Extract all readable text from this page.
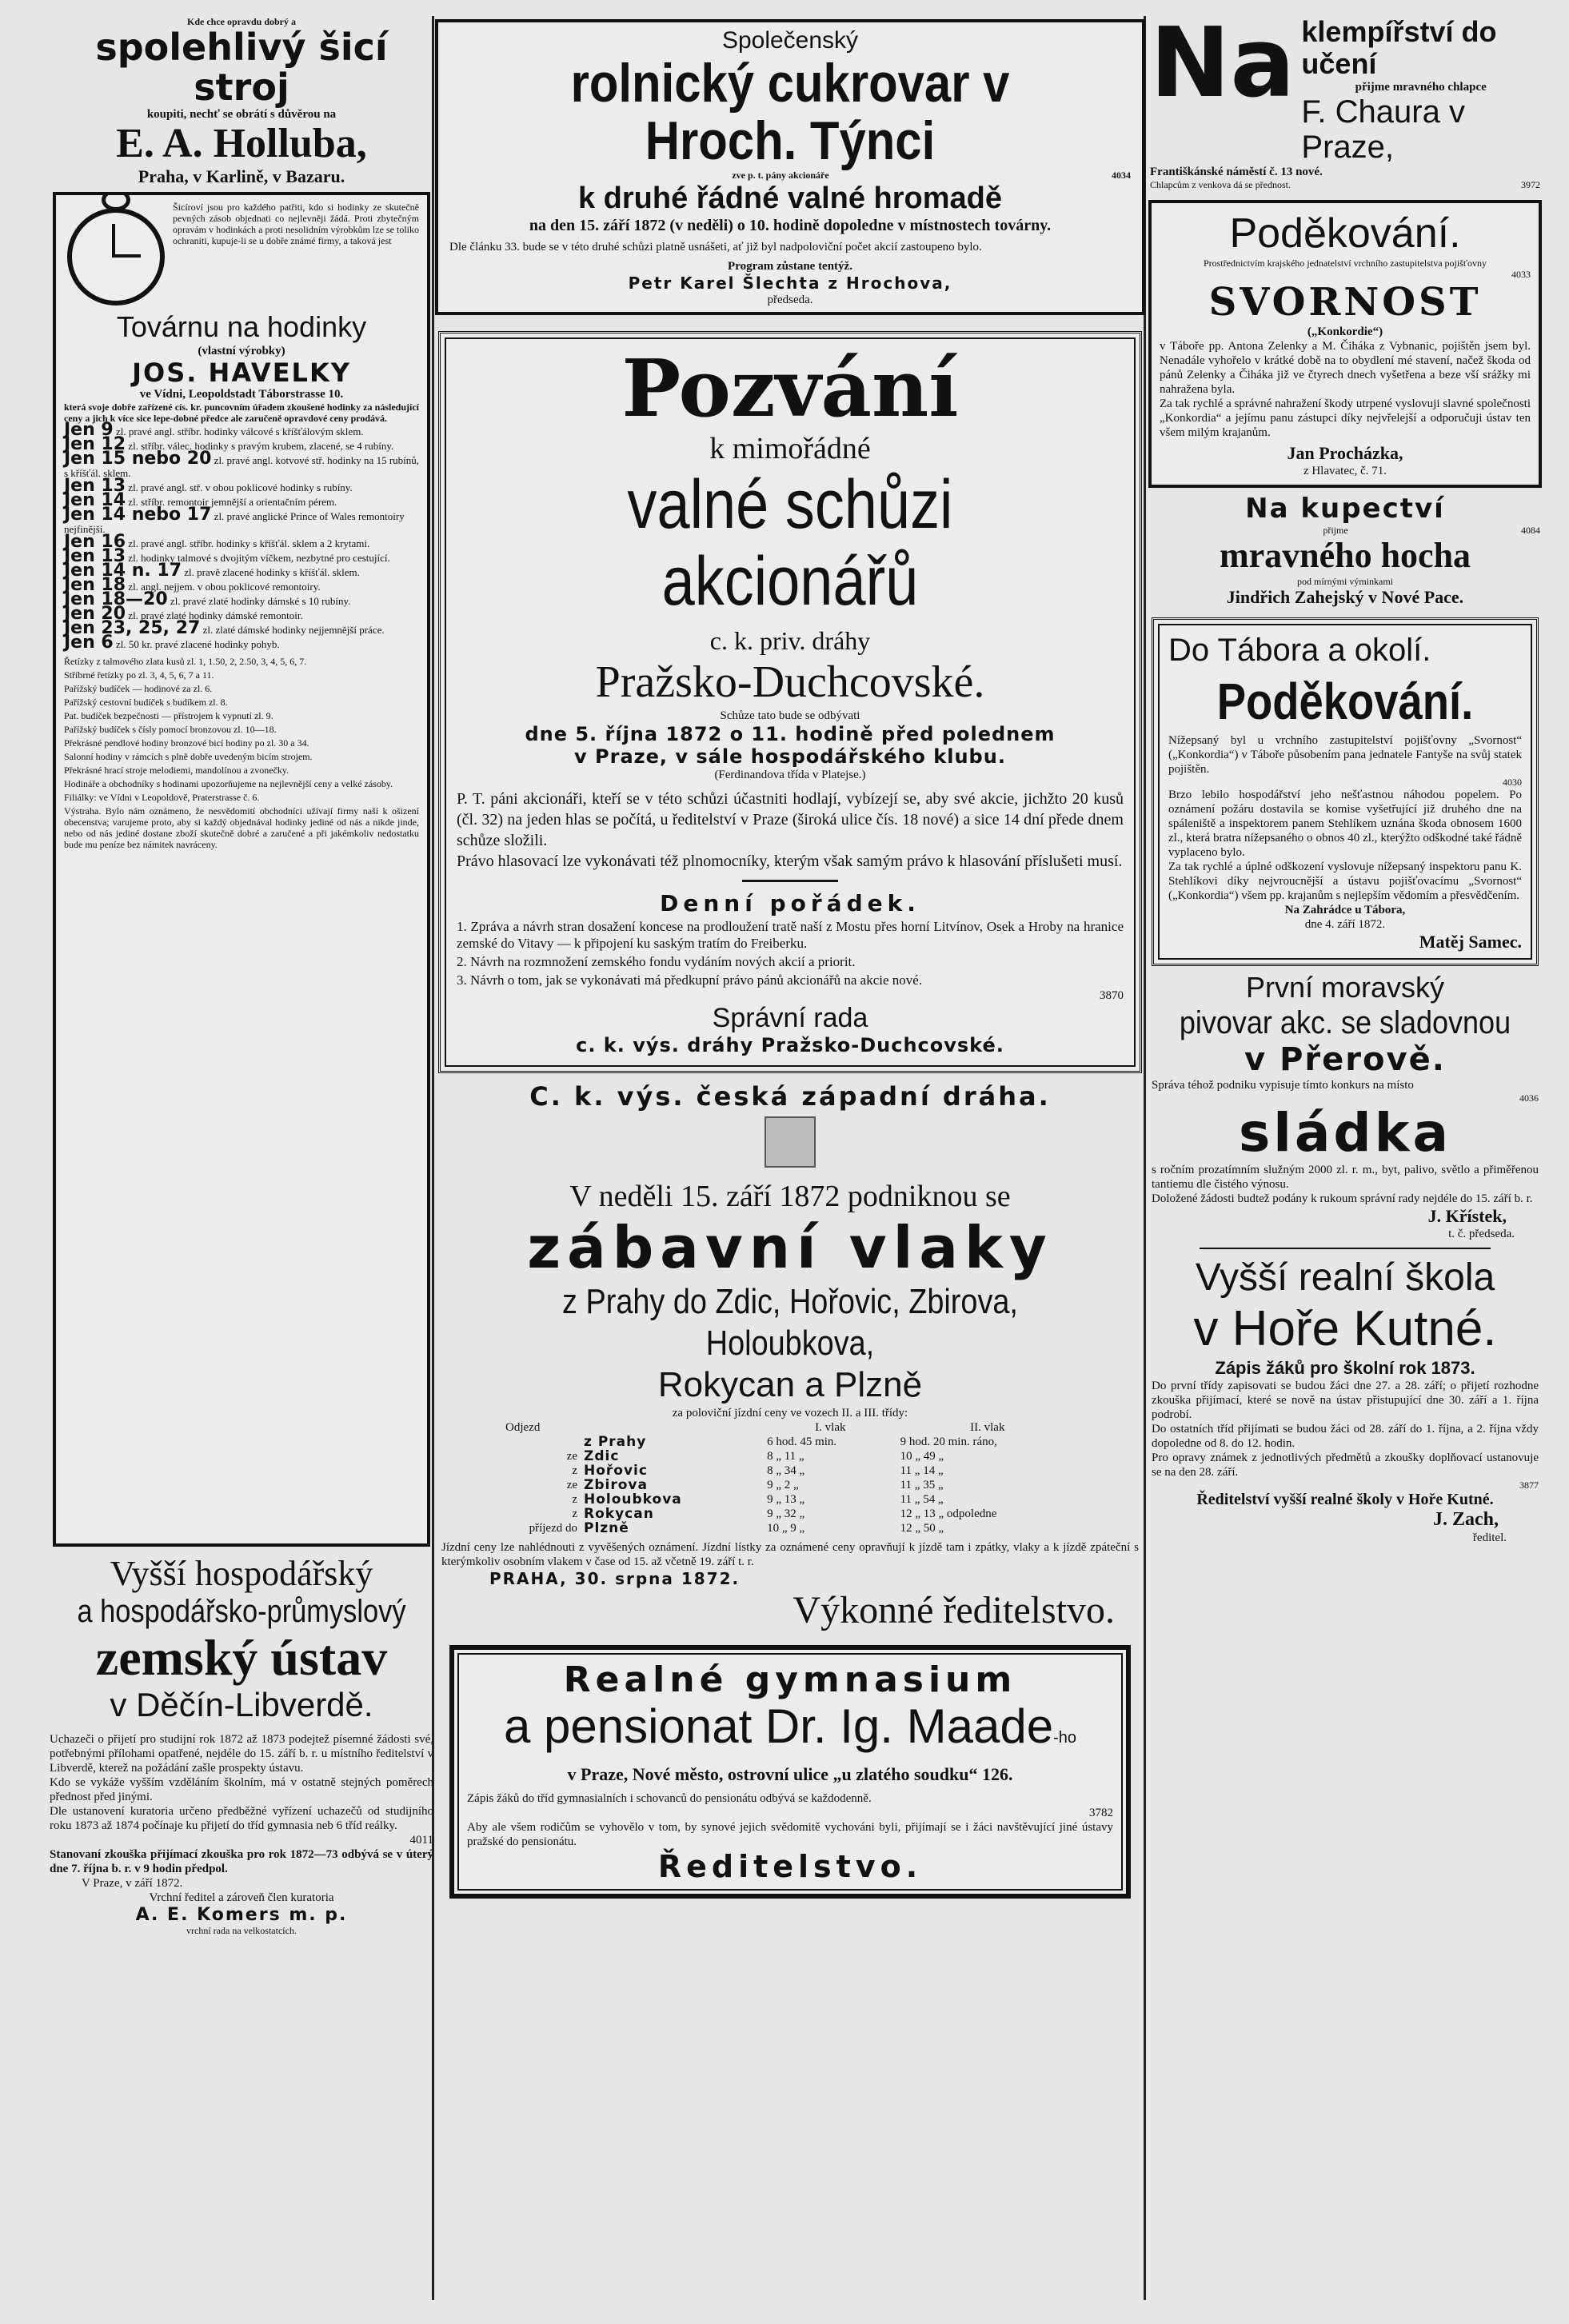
Kde chce opravdu dobrý a
spolehlivý šicí stroj
koupiti, nechť se obrátí s důvěrou na
E. A. Holluba,
Praha, v Karlině, v Bazaru.
Šicíroví jsou pro každého patřiti, kdo si hodinky ze skutečně pevných zásob objednati co nejlevněji žádá. Proti zbytečným opravám v hodinkách a proti nesolidním výrobkům lze se toliko ochraniti, kupuje-li se u dobře známé firmy, a taková jest
Továrnu na hodinky
(vlastní výrobky)
JOS. HAVELKY
ve Vídni, Leopoldstadt Táborstrasse 10.
která svoje dobře zařízené cís. kr. puncovním úřadem zkoušené hodinky za následující ceny a jich k více sice lepe-dobné předce ale zaručeně opravdové ceny prodává.
Jen 9 zl. pravé angl. stříbr. hodinky válcové s kříšťálovým sklem.
Jen 12 zl. stříbr. válec. hodinky s pravým krubem, zlacené, se 4 rubíny.
Jen 15 nebo 20 zl. pravé angl. kotvové stř. hodinky na 15 rubínů, s kříšťál. sklem.
Jen 13 zl. pravé angl. stř. v obou poklicové hodinky s rubíny.
Jen 14 zl. stříbr. remontoir jemnější a orientačním pérem.
Jen 14 nebo 17 zl. pravé anglické Prince of Wales remontoiry nejfinější.
Jen 16 zl. pravé angl. stříbr. hodinky s kříšťál. sklem a 2 krytami.
Jen 13 zl. hodinky talmové s dvojitým víčkem, nezbytné pro cestující.
Jen 14 n. 17 zl. pravě zlacené hodinky s kříšťál. sklem.
Jen 18 zl. angl. nejjem. v obou poklicové remontoiry.
Jen 18—20 zl. pravé zlaté hodinky dámské s 10 rubíny.
Jen 20 zl. pravé zlaté hodinky dámské remontoir.
Jen 23, 25, 27 zl. zlaté dámské hodinky nejjemnější práce.
Jen 6 zl. 50 kr. pravé zlacené hodinky pohyb.
Řetízky z talmového zlata kusů zl. 1, 1.50, 2, 2.50, 3, 4, 5, 6, 7.
Stříbrné řetízky po zl. 3, 4, 5, 6, 7 a 11.
Pařížský budíček — hodinové za zl. 6.
Pařížský cestovní budíček s budíkem zl. 8.
Pat. budíček bezpečnosti — přístrojem k vypnutí zl. 9.
Pařížský budíček s čísly pomocí bronzovou zl. 10—18.
Překrásné pendlové hodiny bronzové bicí hodiny po zl. 30 a 34.
Salonní hodiny v rámcích s plně dobře uvedeným bicím strojem.
Překrásné hrací stroje melodiemi, mandolínou a zvonečky.
Hodináře a obchodníky s hodinami upozorňujeme na nejlevnější ceny a velké zásoby.
Filiálky: ve Vídni v Leopoldově, Praterstrasse č. 6.
Výstraha. Bylo nám oznámeno, že nesvědomití obchodníci užívají firmy naší k ošizení obecenstva; varujeme proto, aby si každý objednával hodinky jediné od nás a nikde jinde, nebo od nás jediné dostane zboží skutečně dobré a zaručené a při jakémkoliv nedostatku bude mu peníze bez námitek navráceny.
Vyšší hospodářský
a hospodářsko-průmyslový
zemský ústav
v Děčín-Libverdě.
Uchazeči o přijetí pro studijní rok 1872 až 1873 podejtež písemné žádosti své, potřebnými přílohami opatřené, nejdéle do 15. září b. r. u místního ředitelství v Libverdě, kterež na požádání zašle prospekty ústavu.
Kdo se vykáže vyšším vzděláním školním, má v ostatně stejných poměrech přednost před jinými.
Dle ustanovení kuratoria určeno předběžné vyřízení uchazečů od studijního roku 1873 až 1874 počínaje ku přijetí do tříd gymnasia neb 6 tříd reálky.
4011
Stanovaní zkouška přijímací zkouška pro rok 1872—73 odbývá se v úterý dne 7. října b. r. v 9 hodin předpol.
V Praze, v září 1872.
Vrchní ředitel a zároveň člen kuratoria
A. E. Komers m. p.
vrchní rada na velkostatcích.
Společenský
rolnický cukrovar v Hroch. Týnci
zve p. t. pány akcionáře	4034
k druhé řádné valné hromadě
na den 15. září 1872 (v neděli) o 10. hodině dopoledne v místnostech továrny.
Dle článku 33. bude se v této druhé schůzi platně usnášeti, ať již byl nadpoloviční počet akcií zastoupeno bylo.
Program zůstane tentýž.
Petr Karel Šlechta z Hrochova,
předseda.
Pozvání
k mimořádné
valné schůzi akcionářů
c. k. priv. dráhy
Pražsko-Duchcovské.
Schůze tato bude se odbývati
dne 5. října 1872 o 11. hodině před polednem
v Praze, v sále hospodářského klubu.
(Ferdinandova třída v Platejse.)
P. T. páni akcionáři, kteří se v této schůzi účastniti hodlají, vybízejí se, aby své akcie, jichžto 20 kusů (čl. 32) na jeden hlas se počítá, u ředitelství v Praze (široká ulice čís. 18 nové) a sice 14 dní přede dnem schůze složili.
Právo hlasovací lze vykonávati též plnomocníky, kterým však samým právo k hlasování příslušeti musí.
Denní pořádek.
1. Zpráva a návrh stran dosažení koncese na prodloužení tratě naší z Mostu přes horní Litvínov, Osek a Hroby na hranice zemské do Vitavy — k připojení ku saským tratím do Freiberku.
2. Návrh na rozmnožení zemského fondu vydáním nových akcií a priorit.
3. Návrh o tom, jak se vykonávati má předkupní právo pánů akcionářů na akcie nové.
3870
Správní rada
c. k. výs. dráhy Pražsko-Duchcovské.
C. k. výs. česká západní dráha.
V neděli 15. září 1872 podniknou se
zábavní vlaky
z Prahy do Zdic, Hořovic, Zbirova, Holoubkova,
Rokycan a Plzně
za poloviční jízdní ceny ve vozech II. a III. třídy:
Odjezd		I. vlak	II. vlak
	z Prahy	6 hod. 45 min.	9 hod. 20 min. ráno,
ze	Zdic	8 „ 11 „	10 „ 49 „
z	Hořovic	8 „ 34 „	11 „ 14 „
ze	Zbirova	9 „ 2 „	11 „ 35 „
z	Holoubkova	9 „ 13 „	11 „ 54 „
z	Rokycan	9 „ 32 „	12 „ 13 „ odpoledne
příjezd do	Plzně	10 „ 9 „	12 „ 50 „
Jízdní ceny lze nahlédnouti z vyvěšených oznámení. Jízdní lístky za oznámené ceny opravňují k jízdě tam i zpátky, vlaky a k jízdě zpáteční s kterýmkoliv osobním vlakem v čase od 15. až včetně 19. září t. r.
PRAHA, 30. srpna 1872.
Výkonné ředitelstvo.
Realné gymnasium
a pensionat Dr. Ig. Maade-ho
v Praze, Nové město, ostrovní ulice „u zlatého soudku“ 126.
Zápis žáků do tříd gymnasialních i schovanců do pensionátu odbývá se každodenně.
3782
Aby ale všem rodičům se vyhovělo v tom, by synové jejich svědomitě vychováni byli, přijímají se i žáci navštěvující jiné ústavy pražské do pensionátu.
Ředitelstvo.
Na klempířství do učení
přijme mravného chlapce
F. Chaura v Praze,
Františkánské náměstí č. 13 nové.
Chlapcům z venkova dá se přednost.	3972
Poděkování.
Prostřednictvím krajského jednatelství vrchního zastupitelstva pojišťovny
4033
SVORNOST
(„Konkordie“)
v Táboře pp. Antona Zelenky a M. Čiháka z Vybnanic, pojištěn jsem byl. Nenadále vyhořelo v krátké době na to obydlení mé stavení, načež škoda od pánů Zelenky a Čiháka již ve čtyrech dnech vyšetřena a beze vší srážky mi nahražena byla.
Za tak rychlé a správné nahražení škody utrpené vyslovuji slavné společnosti „Konkordia“ a jejímu panu zástupci díky nejvřelejší a odporučuji ústav ten všem milým krajanům.
Jan Procházka,
z Hlavatec, č. 71.
Na kupectví
přijme	4084
mravného hocha
pod mírnými výminkami
Jindřich Zahejský v Nové Pace.
Do Tábora a okolí.
Poděkování.
Nížepsaný byl u vrchního zastupitelství pojišťovny „Svornost“ („Konkordia“) v Táboře působením pana jednatele Fantyše na svůj statek pojištěn.
4030
Brzo lebilo hospodářství jeho nešťastnou náhodou popelem. Po oznámení požáru dostavila se komise vyšetřující již druhého dne na spáleniště a inspektorem panem Stehlíkem uznána škoda obnosem 1600 zl., která bratra nížepsaného o obnos 40 zl., kterýžto odškodné také řádně vyplaceno bylo.
Za tak rychlé a úplné odškození vyslovuje nížepsaný inspektoru panu K. Stehlíkovi díky nejvroucnější a ústavu pojišťovacímu „Svornost“ („Konkordia“) všem pp. krajanům s nejlepším vědomím a přesvědčením.
Na Zahrádce u Tábora,
dne 4. září 1872.
Matěj Samec.
První moravský
pivovar akc. se sladovnou
v Přerově.
Správa téhož podniku vypisuje tímto konkurs na místo
4036
sládka
s ročním prozatímním služným 2000 zl. r. m., byt, palivo, světlo a přiměřenou tantiemu dle čistého výnosu.
Doložené žádosti budtež podány k rukoum správní rady nejdéle do 15. září b. r.
J. Křístek,
t. č. předseda.
Vyšší realní škola
v Hoře Kutné.
Zápis žáků pro školní rok 1873.
Do první třídy zapisovati se budou žáci dne 27. a 28. září; o přijetí rozhodne zkouška přijímací, které se nově na ústav přistupující dne 30. září a 1. října podrobí.
Do ostatních tříd přijímati se budou žáci od 28. září do 1. října, a 2. října vždy dopoledne od 8. do 12. hodin.
Pro opravy známek z jednotlivých předmětů a zkoušky doplňovací ustanovuje se na den 28. září.
3877
Ředitelství vyšší realné školy v Hoře Kutné.
J. Zach,
ředitel.
